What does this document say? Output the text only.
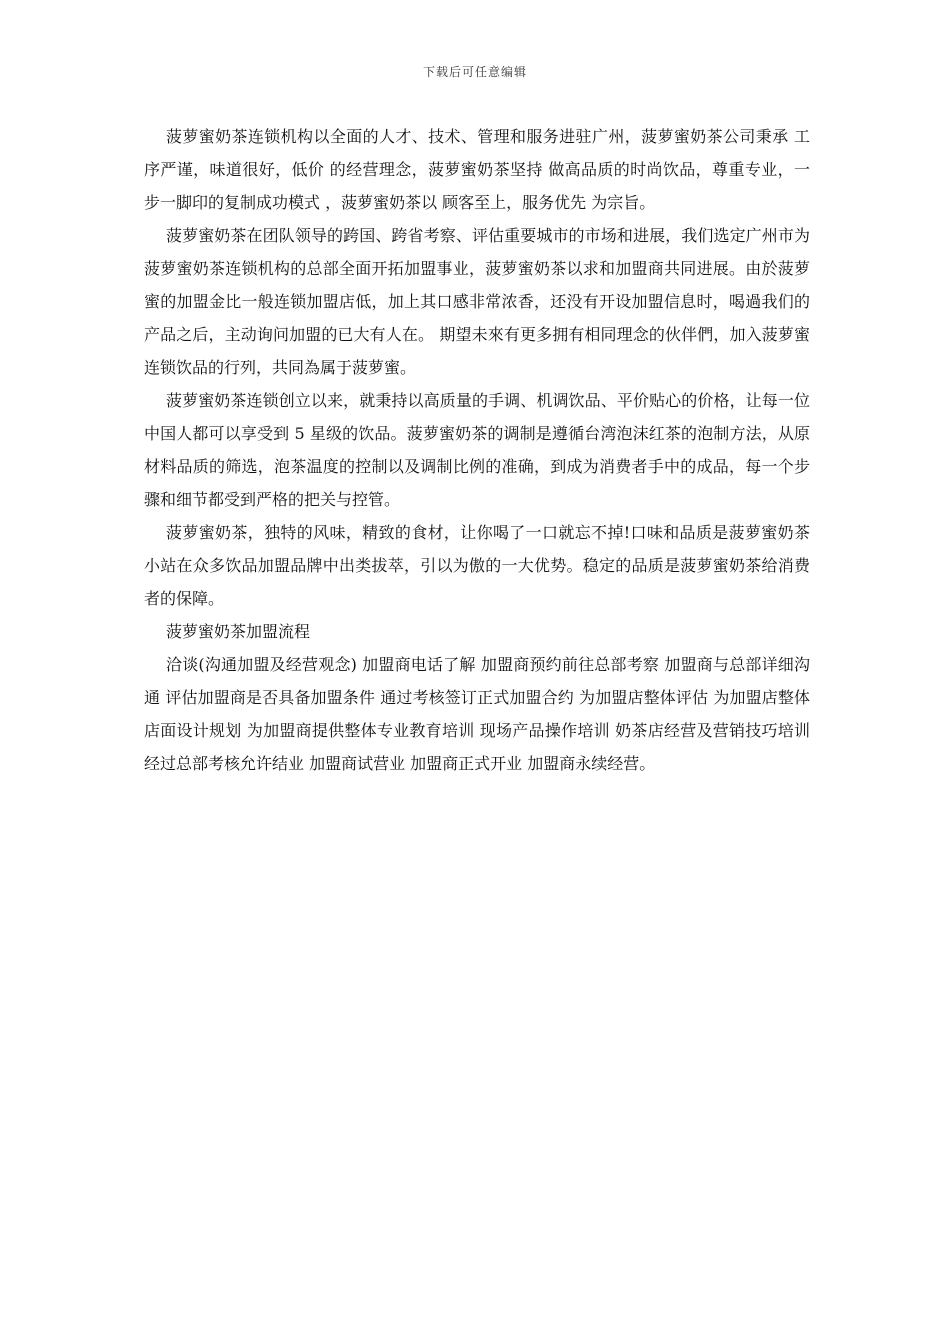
下载后可任意编辑

菠萝蜜奶茶连锁机构以全面的人才、技术、管理和服务进驻广州，菠萝蜜奶茶公司秉承 工序严谨，味道很好，低价 的经营理念，菠萝蜜奶茶坚持 做高品质的时尚饮品，尊重专业，一步一脚印的复制成功模式 ，菠萝蜜奶茶以 顾客至上，服务优先 为宗旨。

菠萝蜜奶茶在团队领导的跨国、跨省考察、评估重要城市的市场和进展，我们选定广州市为菠萝蜜奶茶连锁机构的总部全面开拓加盟事业，菠萝蜜奶茶以求和加盟商共同进展。由於菠萝蜜的加盟金比一般连锁加盟店低，加上其口感非常浓香，还没有开设加盟信息时，喝過我们的产品之后，主动询问加盟的已大有人在。 期望未來有更多拥有相同理念的伙伴們，加入菠萝蜜连锁饮品的行列，共同為属于菠萝蜜。

菠萝蜜奶茶连锁创立以来，就秉持以高质量的手调、机调饮品、平价贴心的价格，让每一位中国人都可以享受到 5 星级的饮品。菠萝蜜奶茶的调制是遵循台湾泡沫红茶的泡制方法，从原材料品质的筛选，泡茶温度的控制以及调制比例的准确，到成为消费者手中的成品，每一个步骤和细节都受到严格的把关与控管。

菠萝蜜奶茶，独特的风味，精致的食材，让你喝了一口就忘不掉!口味和品质是菠萝蜜奶茶小站在众多饮品加盟品牌中出类拔萃，引以为傲的一大优势。稳定的品质是菠萝蜜奶茶给消费者的保障。

菠萝蜜奶茶加盟流程

洽谈(沟通加盟及经营观念) 加盟商电话了解 加盟商预约前往总部考察 加盟商与总部详细沟通 评估加盟商是否具备加盟条件 通过考核签订正式加盟合约 为加盟店整体评估 为加盟店整体店面设计规划 为加盟商提供整体专业教育培训 现场产品操作培训 奶茶店经营及营销技巧培训 经过总部考核允许结业 加盟商试营业 加盟商正式开业 加盟商永续经营。
